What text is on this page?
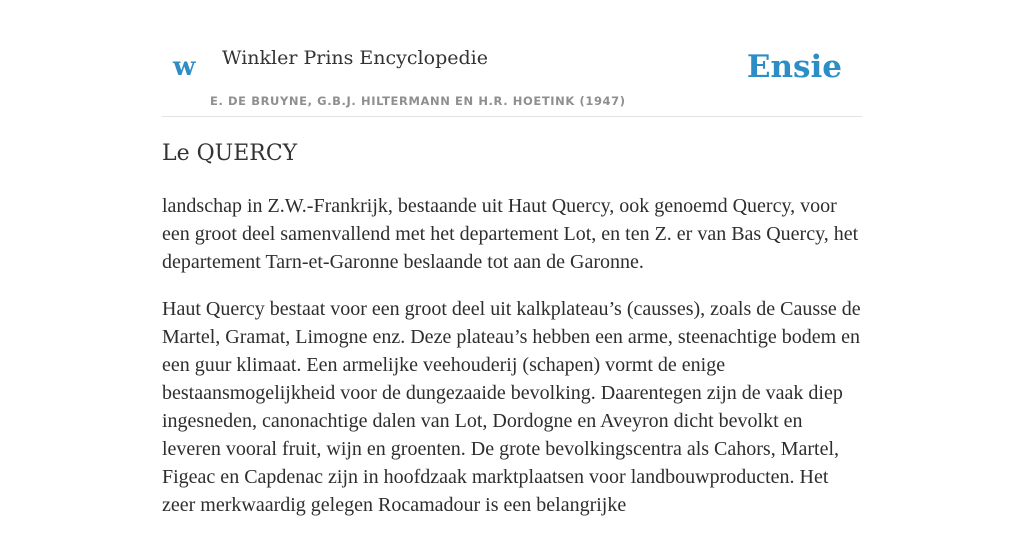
w Winkler Prins Encyclopedie
E. DE BRUYNE, G.B.J. HILTERMANN EN H.R. HOETINK (1947)
Ensie
Le QUERCY

landschap in Z.W.-Frankrijk, bestaande uit Haut Quercy, ook genoemd Quercy, voor een groot deel samenvallend met het departement Lot, en ten Z. er van Bas Quercy, het departement Tarn-et-Garonne beslaande tot aan de Garonne.

Haut Quercy bestaat voor een groot deel uit kalkplateau’s (causses), zoals de Causse de Martel, Gramat, Limogne enz. Deze plateau’s hebben een arme, steenachtige bodem en een guur klimaat. Een armelijke veehouderij (schapen) vormt de enige bestaansmogelijkheid voor de dungezaaide bevolking. Daarentegen zijn de vaak diep ingesneden, canonachtige dalen van Lot, Dordogne en Aveyron dicht bevolkt en leveren vooral fruit, wijn en groenten. De grote bevolkingscentra als Cahors, Martel, Figeac en Capdenac zijn in hoofdzaak marktplaatsen voor landbouwproducten. Het zeer merkwaardig gelegen Rocamadour is een belangrijke
